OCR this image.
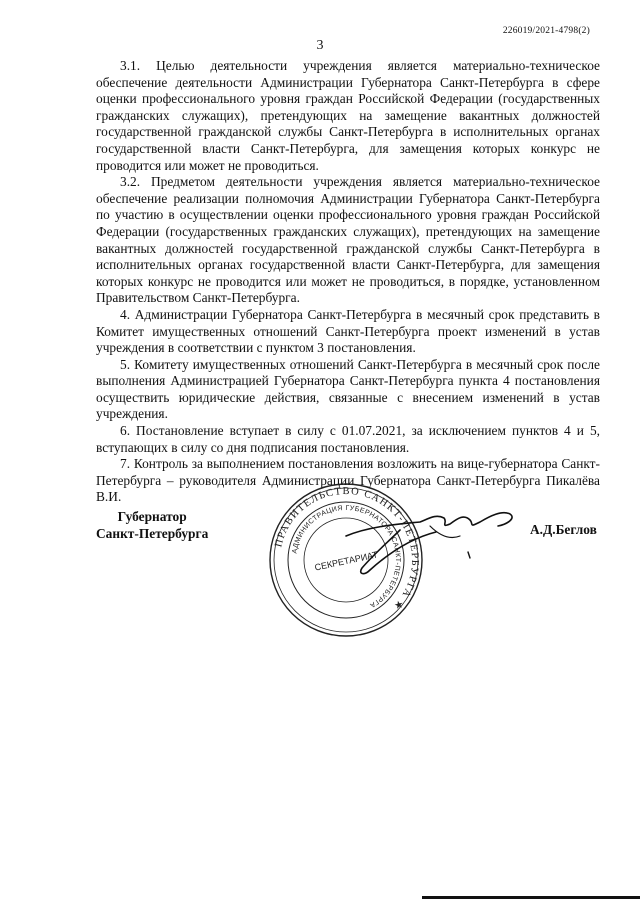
226019/2021-4798(2)
3

3.1. Целью деятельности учреждения является материально-техническое обеспечение деятельности Администрации Губернатора Санкт-Петербурга в сфере оценки профессионального уровня граждан Российской Федерации (государственных гражданских служащих), претендующих на замещение вакантных должностей государственной гражданской службы Санкт-Петербурга в исполнительных органах государственной власти Санкт-Петербурга, для замещения которых конкурс не проводится или может не проводиться.

3.2. Предметом деятельности учреждения является материально-техническое обеспечение реализации полномочия Администрации Губернатора Санкт-Петербурга по участию в осуществлении оценки профессионального уровня граждан Российской Федерации (государственных гражданских служащих), претендующих на замещение вакантных должностей государственной гражданской службы Санкт-Петербурга в исполнительных органах государственной власти Санкт-Петербурга, для замещения которых конкурс не проводится или может не проводиться, в порядке, установленном Правительством Санкт-Петербурга.

4. Администрации Губернатора Санкт-Петербурга в месячный срок представить в Комитет имущественных отношений Санкт-Петербурга проект изменений в устав учреждения в соответствии с пунктом 3 постановления.

5. Комитету имущественных отношений Санкт-Петербурга в месячный срок после выполнения Администрацией Губернатора Санкт-Петербурга пункта 4 постановления осуществить юридические действия, связанные с внесением изменений в устав учреждения.

6. Постановление вступает в силу с 01.07.2021, за исключением пунктов 4 и 5, вступающих в силу со дня подписания постановления.

7. Контроль за выполнением постановления возложить на вице-губернатора Санкт-Петербурга – руководителя Администрации Губернатора Санкт-Петербурга Пикалёва В.И.

Губернатор
Санкт-Петербурга
ПРАВИТЕЛЬСТВО САНКТ-ПЕТЕРБУРГА ★
АДМИНИСТРАЦИЯ ГУБЕРНАТОРА САНКТ-ПЕТЕРБУРГА
СЕКРЕТАРИАТ
А.Д.Беглов
